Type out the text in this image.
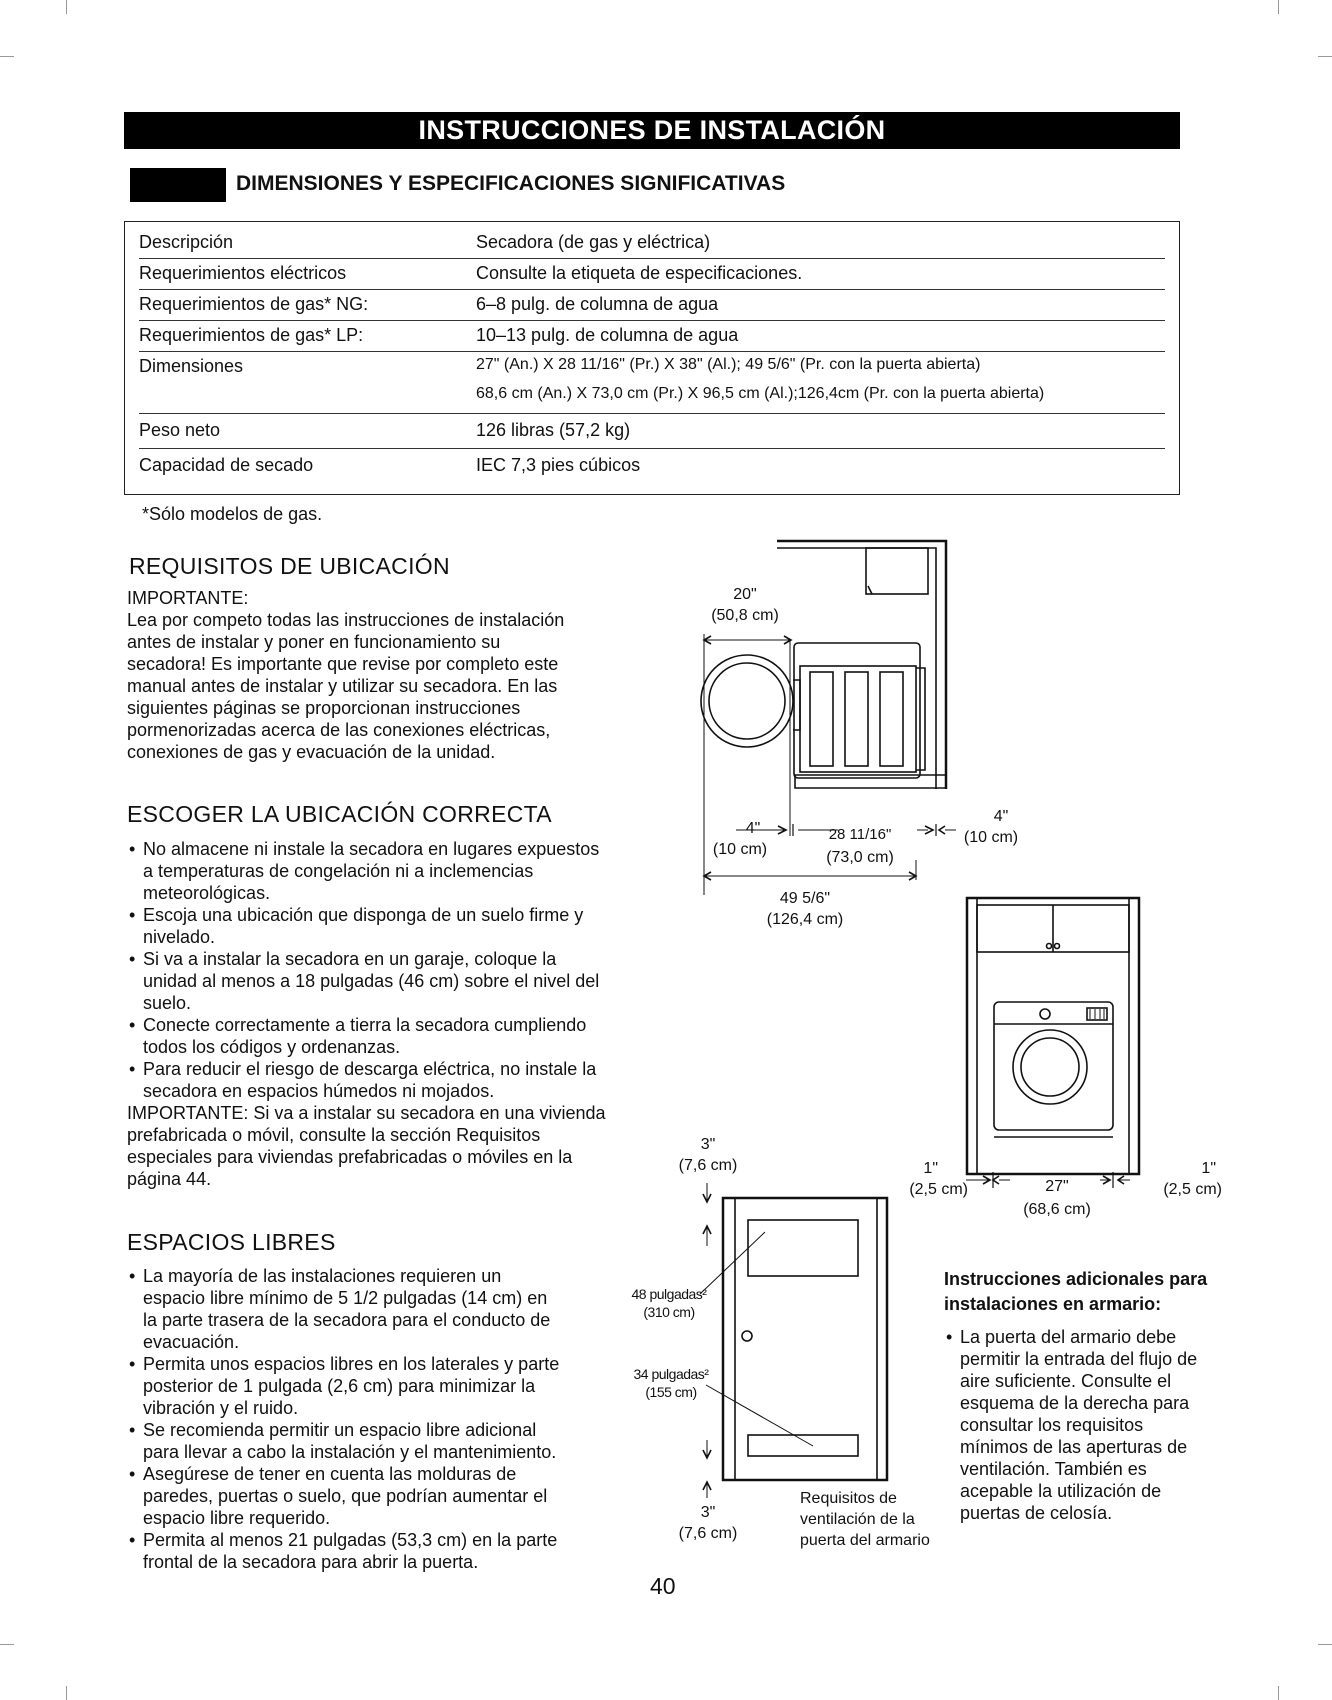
INSTRUCCIONES DE INSTALACIÓN
DIMENSIONES Y ESPECIFICACIONES SIGNIFICATIVAS
Descripción	Secadora (de gas y eléctrica)
Requerimientos eléctricos	Consulte la etiqueta de especificaciones.
Requerimientos de gas* NG:	6–8 pulg. de columna de agua
Requerimientos de gas* LP:	10–13 pulg. de columna de agua
Dimensiones	27" (An.) X 28 11/16" (Pr.) X 38" (Al.); 49 5/6" (Pr. con la puerta abierta)
68,6 cm (An.) X 73,0 cm (Pr.) X 96,5 cm (Al.);126,4cm (Pr. con la puerta abierta)
Peso neto	126 libras (57,2 kg)
Capacidad de secado	IEC 7,3 pies cúbicos
*Sólo modelos de gas.
REQUISITOS DE UBICACIÓN
IMPORTANTE:
Lea por competo todas las instrucciones de instalación
antes de instalar y poner en funcionamiento su
secadora! Es importante que revise por completo este
manual antes de instalar y utilizar su secadora. En las
siguientes páginas se proporcionan instrucciones
pormenorizadas acerca de las conexiones eléctricas,
conexiones de gas y evacuación de la unidad.
ESCOGER LA UBICACIÓN CORRECTA
• No almacene ni instale la secadora en lugares expuestos
a temperaturas de congelación ni a inclemencias
meteorológicas.
• Escoja una ubicación que disponga de un suelo firme y
nivelado.
• Si va a instalar la secadora en un garaje, coloque la
unidad al menos a 18 pulgadas (46 cm) sobre el nivel del
suelo.
• Conecte correctamente a tierra la secadora cumpliendo
todos los códigos y ordenanzas.
• Para reducir el riesgo de descarga eléctrica, no instale la
secadora en espacios húmedos ni mojados.
IMPORTANTE: Si va a instalar su secadora en una vivienda
prefabricada o móvil, consulte la sección Requisitos
especiales para viviendas prefabricadas o móviles en la
página 44.
ESPACIOS LIBRES
• La mayoría de las instalaciones requieren un
espacio libre mínimo de 5 1/2 pulgadas (14 cm) en
la parte trasera de la secadora para el conducto de
evacuación.
• Permita unos espacios libres en los laterales y parte
posterior de 1 pulgada (2,6 cm) para minimizar la
vibración y el ruido.
• Se recomienda permitir un espacio libre adicional
para llevar a cabo la instalación y el mantenimiento.
• Asegúrese de tener en cuenta las molduras de
paredes, puertas o suelo, que podrían aumentar el
espacio libre requerido.
• Permita al menos 21 pulgadas (53,3 cm) en la parte
frontal de la secadora para abrir la puerta.
20"
(50,8 cm)
4"
(10 cm)
28 11/16"
(73,0 cm)
4"
(10 cm)
49 5/6"
(126,4 cm)
1"
(2,5 cm)	27"
(68,6 cm)
1"
(2,5 cm)
3"
(7,6 cm)
48 pulgadas²
(310 cm)
34 pulgadas²
(155 cm)
3"
(7,6 cm)
Requisitos de
ventilación de la
puerta del armario
Instrucciones adicionales para
instalaciones en armario:
• La puerta del armario debe
permitir la entrada del flujo de
aire suficiente. Consulte el
esquema de la derecha para
consultar los requisitos
mínimos de las aperturas de
ventilación. También es
acepable la utilización de
puertas de celosía.
40
